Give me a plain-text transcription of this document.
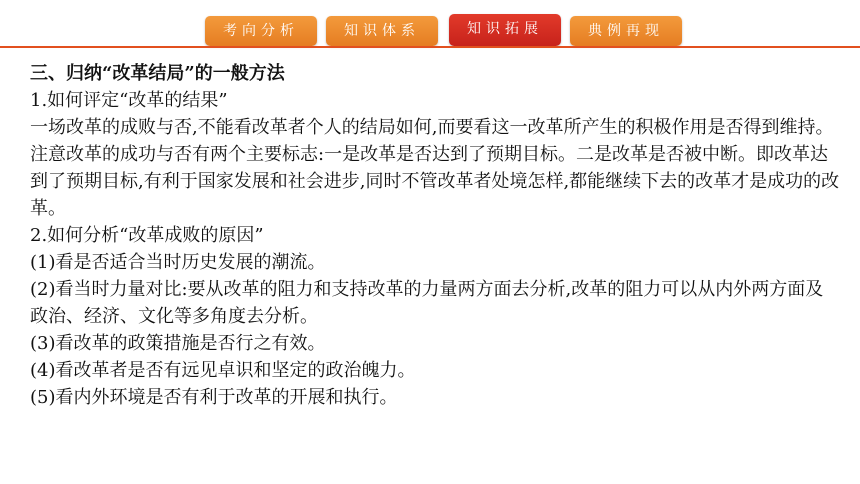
考向分析	知识体系	知识拓展	典例再现

三、归纳“改革结局”的一般方法

1.如何评定“改革的结果”

一场改革的成败与否,不能看改革者个人的结局如何,而要看这一改革所产生的积极作用是否得到维持。注意改革的成功与否有两个主要标志:一是改革是否达到了预期目标。二是改革是否被中断。即改革达到了预期目标,有利于国家发展和社会进步,同时不管改革者处境怎样,都能继续下去的改革才是成功的改革。

2.如何分析“改革成败的原因”

(1)看是否适合当时历史发展的潮流。

(2)看当时力量对比:要从改革的阻力和支持改革的力量两方面去分析,改革的阻力可以从内外两方面及政治、经济、文化等多角度去分析。

(3)看改革的政策措施是否行之有效。

(4)看改革者是否有远见卓识和坚定的政治魄力。

(5)看内外环境是否有利于改革的开展和执行。
